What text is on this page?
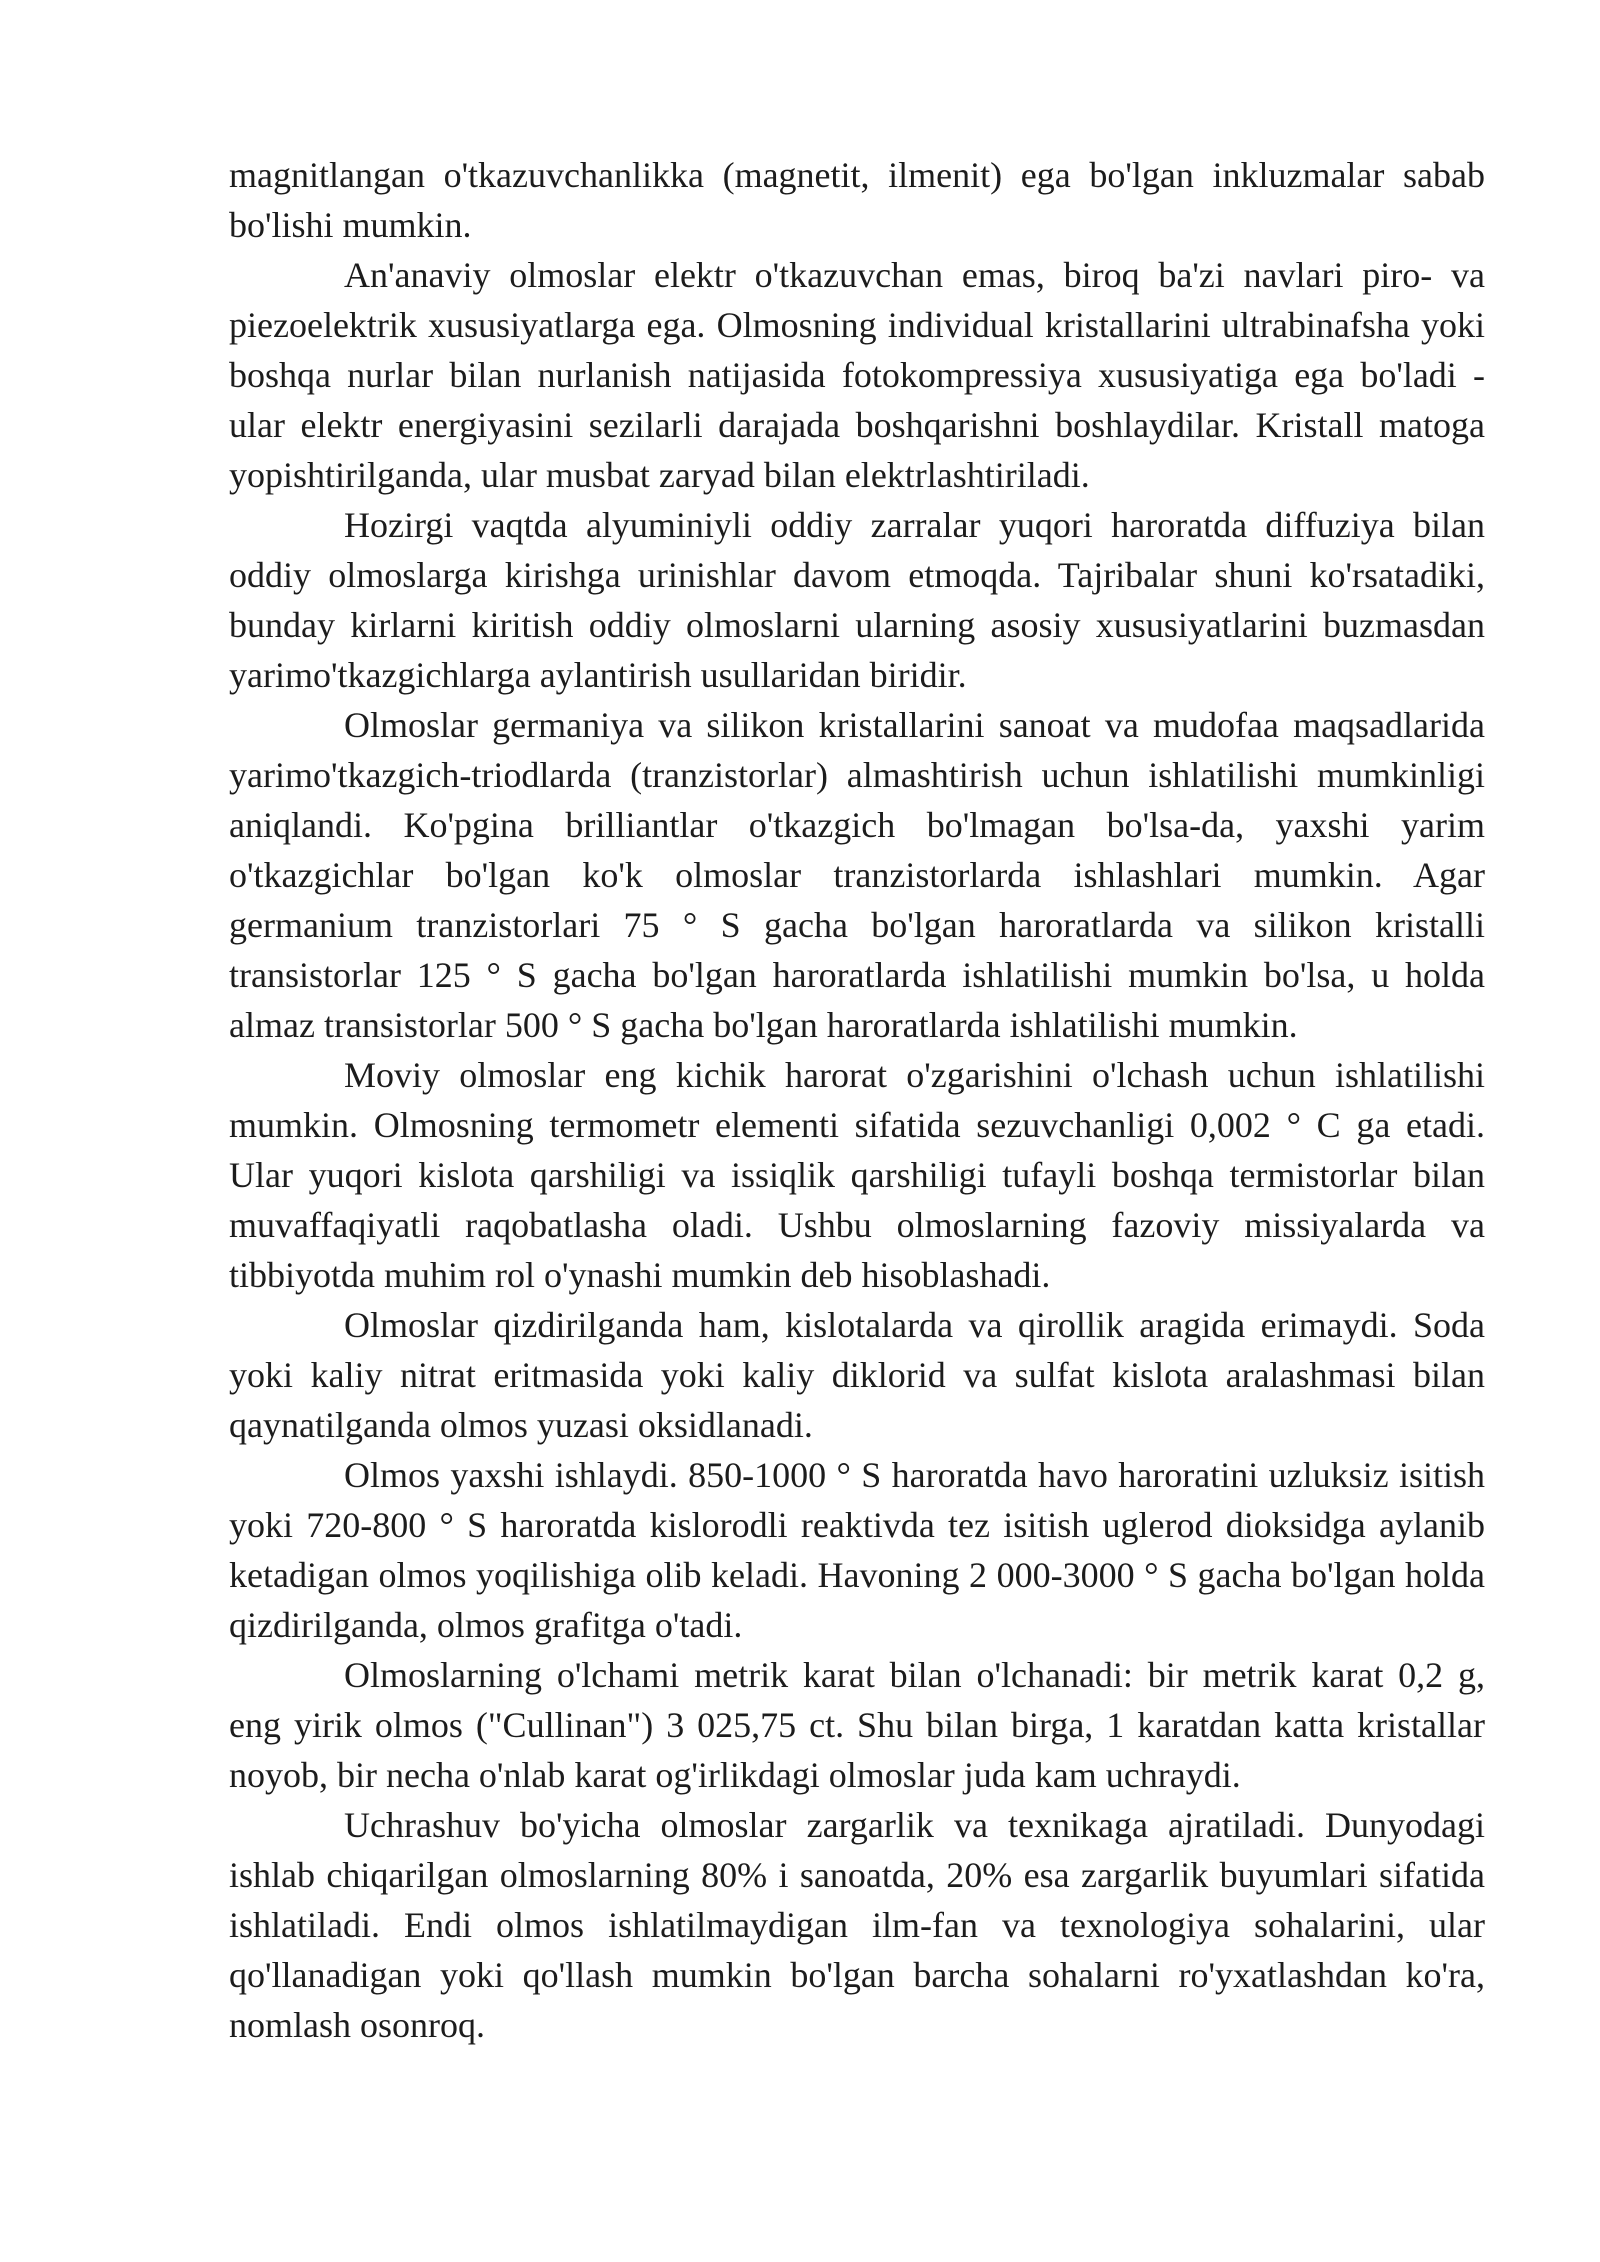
magnitlangan o'tkazuvchanlikka (magnetit, ilmenit) ega bo'lgan inkluzmalar sabab bo'lishi mumkin.

An'anaviy olmoslar elektr o'tkazuvchan emas, biroq ba'zi navlari piro- va piezoelektrik xususiyatlarga ega. Olmosning individual kristallarini ultrabinafsha yoki boshqa nurlar bilan nurlanish natijasida fotokompressiya xususiyatiga ega bo'ladi - ular elektr energiyasini sezilarli darajada boshqarishni boshlaydilar. Kristall matoga yopishtirilganda, ular musbat zaryad bilan elektrlashtiriladi.

Hozirgi vaqtda alyuminiyli oddiy zarralar yuqori haroratda diffuziya bilan oddiy olmoslarga kirishga urinishlar davom etmoqda. Tajribalar shuni ko'rsatadiki, bunday kirlarni kiritish oddiy olmoslarni ularning asosiy xususiyatlarini buzmasdan yarimo'tkazgichlarga aylantirish usullaridan biridir.

Olmoslar germaniya va silikon kristallarini sanoat va mudofaa maqsadlarida yarimo'tkazgich-triodlarda (tranzistorlar) almashtirish uchun ishlatilishi mumkinligi aniqlandi. Ko'pgina brilliantlar o'tkazgich bo'lmagan bo'lsa-da, yaxshi yarim o'tkazgichlar bo'lgan ko'k olmoslar tranzistorlarda ishlashlari mumkin. Agar germanium tranzistorlari 75 ° S gacha bo'lgan haroratlarda va silikon kristalli transistorlar 125 ° S gacha bo'lgan haroratlarda ishlatilishi mumkin bo'lsa, u holda almaz transistorlar 500 ° S gacha bo'lgan haroratlarda ishlatilishi mumkin.

Moviy olmoslar eng kichik harorat o'zgarishini o'lchash uchun ishlatilishi mumkin. Olmosning termometr elementi sifatida sezuvchanligi 0,002 ° C ga etadi. Ular yuqori kislota qarshiligi va issiqlik qarshiligi tufayli boshqa termistorlar bilan muvaffaqiyatli raqobatlasha oladi. Ushbu olmoslarning fazoviy missiyalarda va tibbiyotda muhim rol o'ynashi mumkin deb hisoblashadi.

Olmoslar qizdirilganda ham, kislotalarda va qirollik aragida erimaydi. Soda yoki kaliy nitrat eritmasida yoki kaliy diklorid va sulfat kislota aralashmasi bilan qaynatilganda olmos yuzasi oksidlanadi.

Olmos yaxshi ishlaydi. 850-1000 ° S haroratda havo haroratini uzluksiz isitish yoki 720-800 ° S haroratda kislorodli reaktivda tez isitish uglerod dioksidga aylanib ketadigan olmos yoqilishiga olib keladi. Havoning 2 000-3000 ° S gacha bo'lgan holda qizdirilganda, olmos grafitga o'tadi.

Olmoslarning o'lchami metrik karat bilan o'lchanadi: bir metrik karat 0,2 g, eng yirik olmos ("Cullinan") 3 025,75 ct. Shu bilan birga, 1 karatdan katta kristallar noyob, bir necha o'nlab karat og'irlikdagi olmoslar juda kam uchraydi.

Uchrashuv bo'yicha olmoslar zargarlik va texnikaga ajratiladi. Dunyodagi ishlab chiqarilgan olmoslarning 80% i sanoatda, 20% esa zargarlik buyumlari sifatida ishlatiladi. Endi olmos ishlatilmaydigan ilm-fan va texnologiya sohalarini, ular qo'llanadigan yoki qo'llash mumkin bo'lgan barcha sohalarni ro'yxatlashdan ko'ra, nomlash osonroq.
